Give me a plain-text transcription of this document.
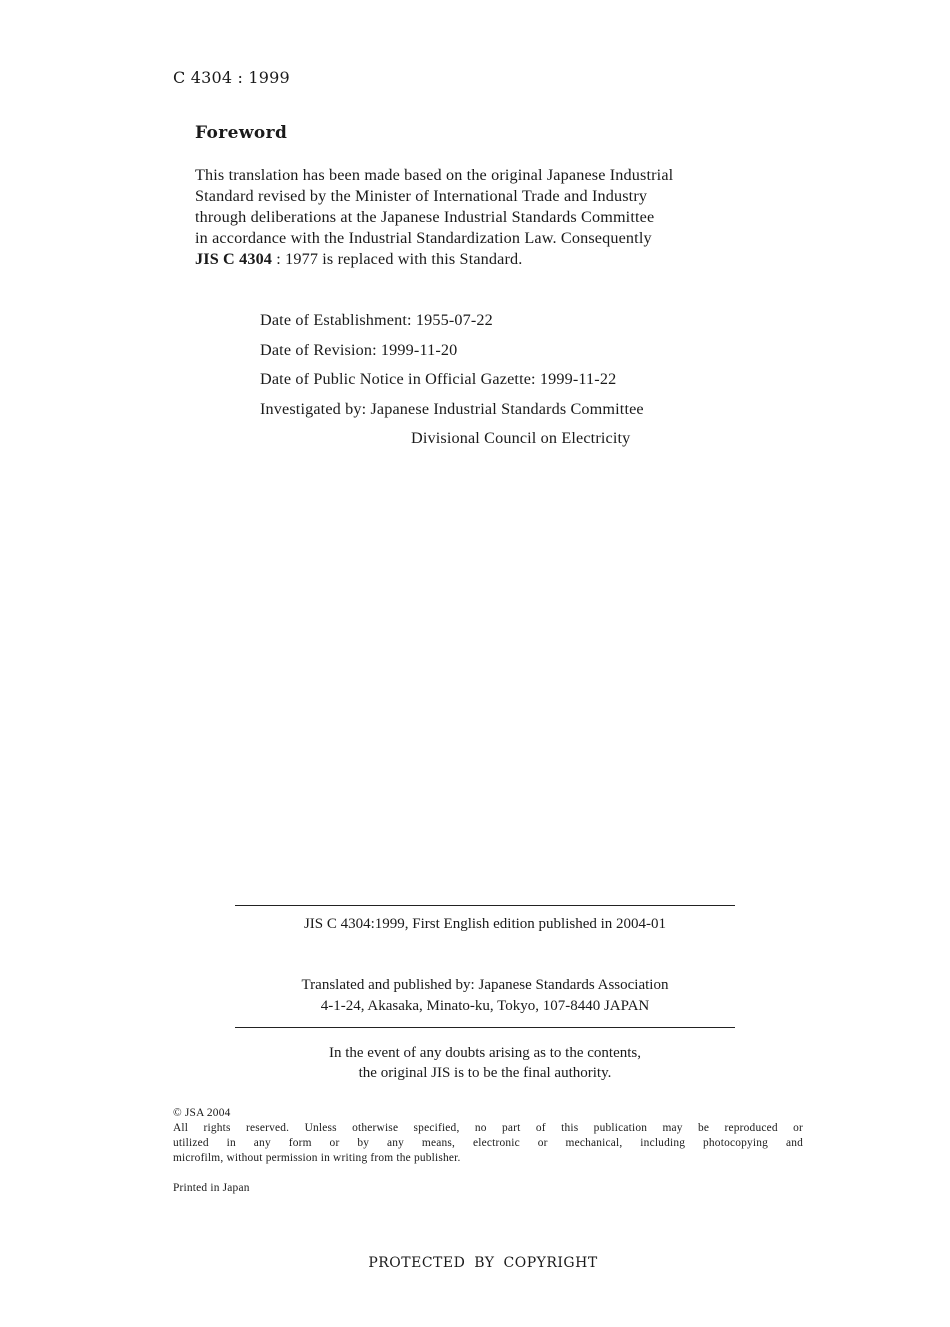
C 4304 : 1999
Foreword
This translation has been made based on the original Japanese Industrial
Standard revised by the Minister of International Trade and Industry
through deliberations at the Japanese Industrial Standards Committee
in accordance with the Industrial Standardization Law. Consequently
JIS C 4304 : 1977 is replaced with this Standard.
Date of Establishment: 1955-07-22
Date of Revision: 1999-11-20
Date of Public Notice in Official Gazette: 1999-11-22
Investigated by: Japanese Industrial Standards Committee
Divisional Council on Electricity
JIS C 4304:1999, First English edition published in 2004-01
Translated and published by: Japanese Standards Association
4-1-24, Akasaka, Minato-ku, Tokyo, 107-8440 JAPAN
In the event of any doubts arising as to the contents,
the original JIS is to be the final authority.
© JSA 2004
All rights reserved. Unless otherwise specified, no part of this publication may be reproduced or
utilized in any form or by any means, electronic or mechanical, including photocopying and
microfilm, without permission in writing from the publisher.
Printed in Japan
PROTECTED BY COPYRIGHT
